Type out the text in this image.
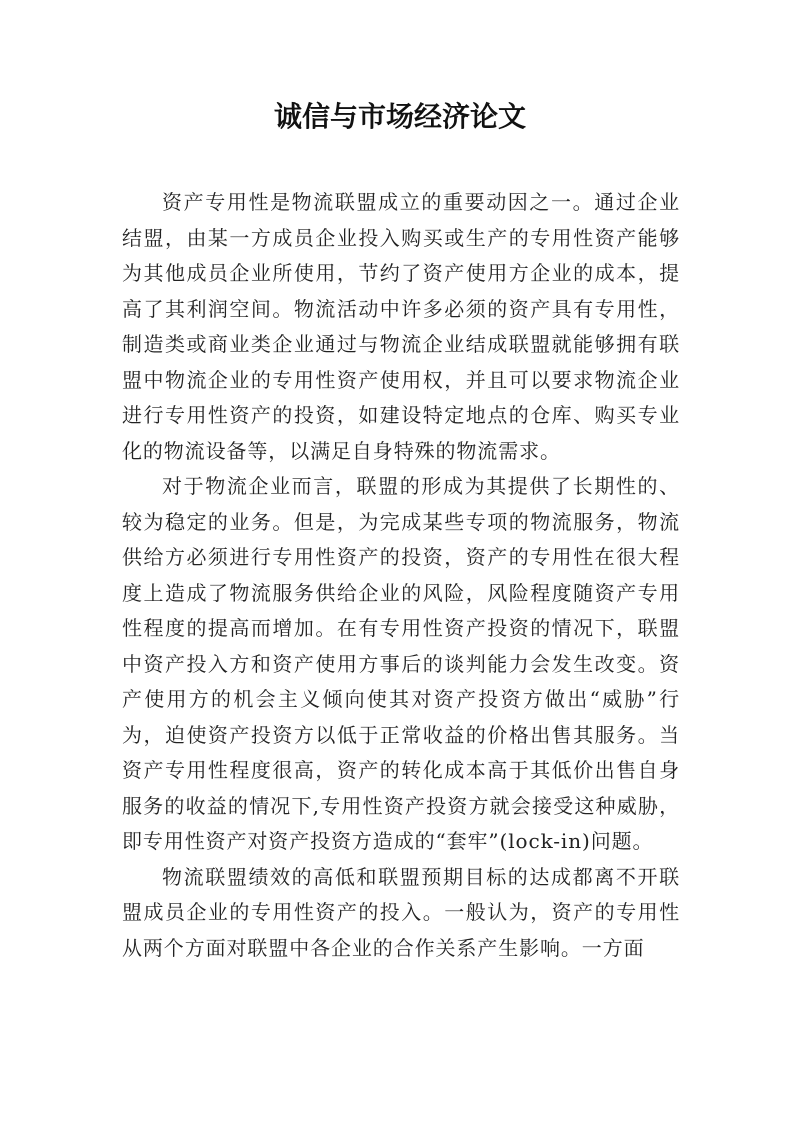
诚信与市场经济论文

资产专用性是物流联盟成立的重要动因之一。通过企业结盟，由某一方成员企业投入购买或生产的专用性资产能够为其他成员企业所使用，节约了资产使用方企业的成本，提高了其利润空间。物流活动中许多必须的资产具有专用性，制造类或商业类企业通过与物流企业结成联盟就能够拥有联盟中物流企业的专用性资产使用权，并且可以要求物流企业进行专用性资产的投资，如建设特定地点的仓库、购买专业化的物流设备等，以满足自身特殊的物流需求。

对于物流企业而言，联盟的形成为其提供了长期性的、较为稳定的业务。但是，为完成某些专项的物流服务，物流供给方必须进行专用性资产的投资，资产的专用性在很大程度上造成了物流服务供给企业的风险，风险程度随资产专用性程度的提高而增加。在有专用性资产投资的情况下，联盟中资产投入方和资产使用方事后的谈判能力会发生改变。资产使用方的机会主义倾向使其对资产投资方做出“威胁”行为，迫使资产投资方以低于正常收益的价格出售其服务。当资产专用性程度很高，资产的转化成本高于其低价出售自身服务的收益的情况下,专用性资产投资方就会接受这种威胁，即专用性资产对资产投资方造成的“套牢”(lock-in)问题。

物流联盟绩效的高低和联盟预期目标的达成都离不开联盟成员企业的专用性资产的投入。一般认为，资产的专用性从两个方面对联盟中各企业的合作关系产生影响。一方面
